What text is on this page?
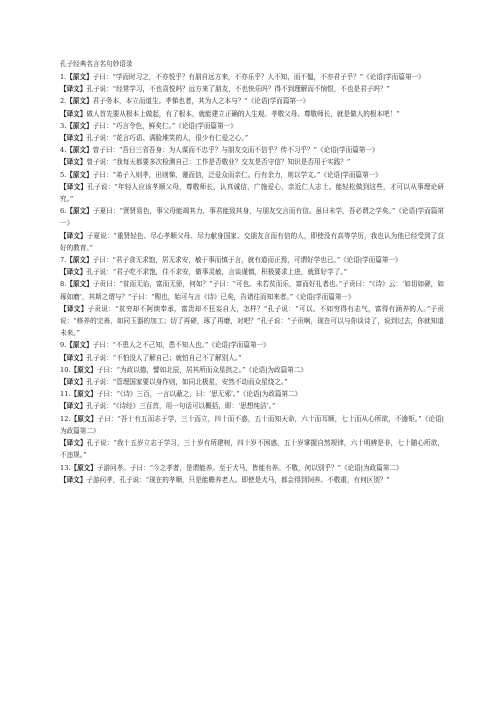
孔子经典名言名句妙语录

1.【原文】子曰：“学而时习之，不亦悦乎？有朋自远方来，不亦乐乎？人不知，而不愠，不亦君子乎？”《论语|学而篇第一》

【译文】孔子说：“经常学习，不也喜悦吗？远方来了朋友，不也快乐吗？得不到理解而不恼恨，不也是君子吗？”

2.【原文】君子务本，本立而道生。孝悌也者，其为人之本与？”《论语|学而篇第一》

【译文】做人首先要从根本上做起，有了根本，就能建立正确的人生观。孝敬父母、尊敬师长，就是做人的根本吧！”

3.【原文】子曰：“巧言令色，鲜矣仁。”《论语|学而篇第一》

【译文】孔子说：“花言巧语、满脸堆笑的人，很少有仁爱之心。”

4.【原文】曾子曰：“吾日三省吾身：为人谋而不忠乎？与朋友交而不信乎？传不习乎？”《论语|学而篇第一》

【译文】曾子说：“我每天都要多次检测自己：工作是否敬业？交友是否守信？知识是否用于实践？”

5.【原文】子曰：“弟子入则孝，出则悌，谨而信，泛爱众而亲仁。行有余力，则以学文。”《论语|学而篇第一》

【译文】孔子说：“年轻人应该孝顺父母，尊敬师长，认真诚信，广施爱心，亲近仁人志士。能轻松做到这些，才可以从事理论研究。”

6.【原文】子夏曰：“贤贤易色，事父母能竭其力，事君能致其身，与朋友交言而有信。虽曰未学，吾必谓之学矣。”《论语|学而篇第一》

【译文】子夏说：“重贤轻色、尽心孝顺父母、尽力献身国家、交朋友言而有信的人，即使没有高等学历，我也认为他已经受到了良好的教育。”

7.【原文】子曰：“君子食无求饱，居无求安，敏于事而慎于言，就有道而正焉，可谓好学也已。”《论语|学而篇第一》

【译文】孔子说：“君子吃不求饱，住不求安，做事灵敏，言谈谨慎，积极要求上进，就算好学了。”

8.【原文】子贡曰：“贫而无谄，富而无骄，何如？”子曰：“可也。未若贫而乐，富而好礼者也。”子贡曰：“《诗》云：‘如切如磋，如琢如磨’，其斯之谓与？”子曰：“赐也，始可与言《诗》已矣，告诸往而知来者。”《论语|学而篇第一》

【译文】子贡说：“贫穷却不阿谀奉承，富贵却不狂妄自大，怎样？”孔子说：“可以。不如穷得有志气，富得有涵养的人。”子贡说：“修养的完善，如同玉器的加工；切了再磋，琢了再磨，对吧？”孔子说：“子贡啊，现在可以与你谈诗了，说到过去，你就知道未来。”

9.【原文】子曰：“不患人之不己知，患不知人也。”《论语|学而篇第一》

【译文】孔子说：“不怕没人了解自己；就怕自己不了解别人。”

10.【原文】子曰：“为政以德，譬如北辰，居其所而众星拱之。”《论语|为政篇第二》

【译文】孔子说：“管理国家要以身作则，如同北极星，安然不动而众星绕之。”

11.【原文】子曰：“《诗》三百，一言以蔽之，曰：‘思无邪’。”《论语|为政篇第二》

【译文】孔子说：“《诗经》三百首，用一句话可以概括，即：‘思想纯洁’。”

12.【原文】子曰：“吾十有五而志于学，三十而立，四十而不惑，五十而知天命，六十而耳顺，七十而从心所欲，不逾矩。”《论语|为政篇第二》

【译文】孔子说：“我十五岁立志于学习，三十岁有所建树，四十岁不困惑，五十岁掌握自然规律，六十明辨是非，七十随心所欲，不违规。”

13.【原文】子游问孝。子曰：“今之孝者，是谓能养。至于犬马，皆能有养。不敬，何以别乎？”《论语|为政篇第二》

【译文】子游问孝，孔子说：“现在的孝顺，只是能赡养老人。即使是犬马，都会得到饲养。不敬重，有何区别？”
